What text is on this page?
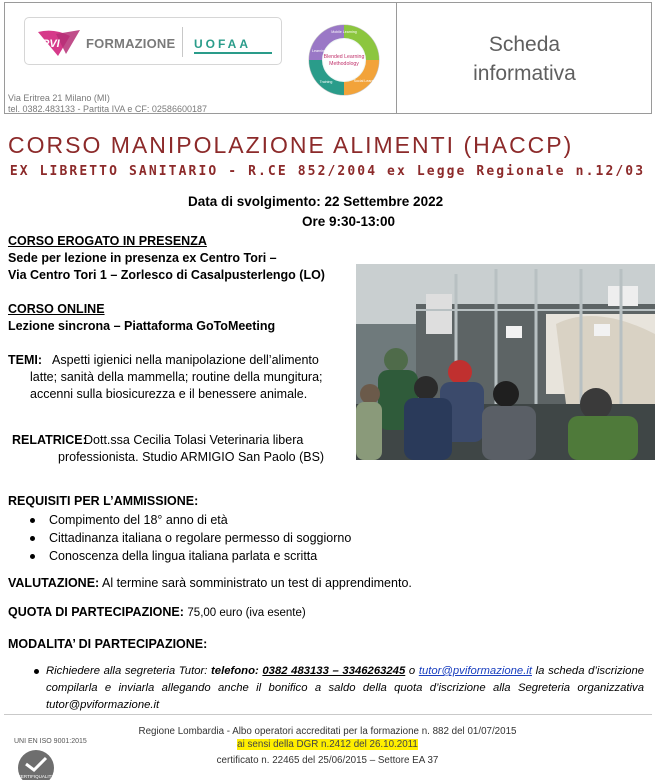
PVI FORMAZIONE UOFAA
Blended Learning
Methodology
Mobile Learning
Social Learning
Training
Learning
Via Eritrea 21 Milano (MI)
tel. 0382.483133 - Partita IVA e CF: 02586600187
Scheda
informativa
CORSO MANIPOLAZIONE ALIMENTI (HACCP)
EX LIBRETTO SANITARIO - R.CE 852/2004 ex Legge Regionale n.12/03
Data di svolgimento: 22 Settembre 2022
Ore 9:30-13:00
CORSO EROGATO IN PRESENZA
Sede per lezione in presenza ex Centro Tori –
Via Centro Tori 1 – Zorlesco di Casalpusterlengo (LO)
CORSO ONLINE
Lezione sincrona – Piattaforma GoToMeeting
TEMI: Aspetti igienici nella manipolazione dell’alimento
latte; sanità della mammella; routine della mungitura;
accenni sulla biosicurezza e il benessere animale.
RELATRICE:
Dott.ssa Cecilia Tolasi Veterinaria libera
professionista. Studio ARMIGIO San Paolo (BS)
REQUISITI PER L’AMMISSIONE:
Compimento del 18° anno di età
Cittadinanza italiana o regolare permesso di soggiorno
Conoscenza della lingua italiana parlata e scritta
VALUTAZIONE: Al termine sarà somministrato un test di apprendimento.
QUOTA DI PARTECIPAZIONE: 75,00 euro (iva esente)
MODALITA’ DI PARTECIPAZIONE:
Richiedere alla segreteria Tutor: telefono: 0382 483133 – 3346263245 o tutor@pviformazione.it la scheda d’iscrizione compilarla e inviarla allegando anche il bonifico a saldo della quota d’iscrizione alla Segreteria organizzativa tutor@pviformazione.it
Regione Lombardia - Albo operatori accreditati per la formazione n. 882 del 01/07/2015
ai sensi della DGR n.2412 del 26.10.2011
certificato n. 22465 del 25/06/2015 – Settore EA 37
UNI EN ISO 9001:2015
CERTIFIQUALITY
